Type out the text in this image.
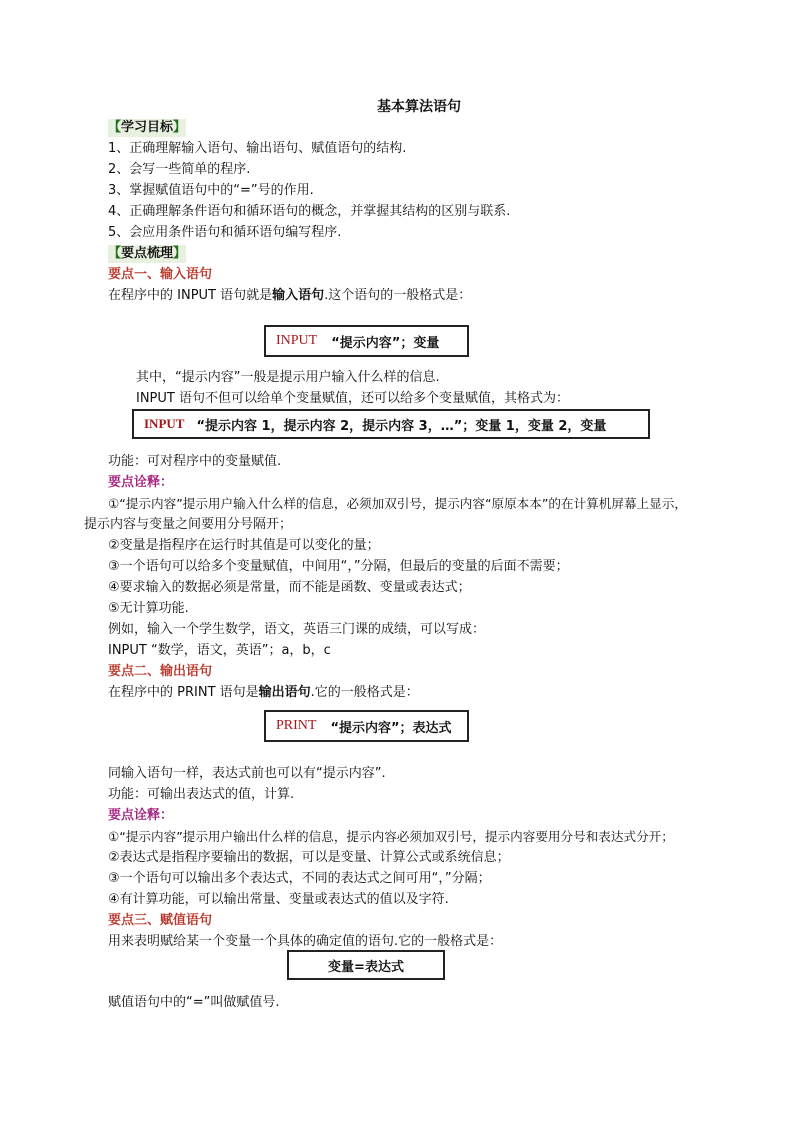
基本算法语句
【学习目标】
1、正确理解输入语句、输出语句、赋值语句的结构.
2、会写一些简单的程序.
3、掌握赋值语句中的“=”号的作用.
4、正确理解条件语句和循环语句的概念，并掌握其结构的区别与联系.
5、会应用条件语句和循环语句编写程序.
【要点梳理】
要点一、输入语句
在程序中的 INPUT 语句就是输入语句.这个语句的一般格式是：
INPUT “提示内容”；变量
其中，“提示内容”一般是提示用户输入什么样的信息.
INPUT 语句不但可以给单个变量赋值，还可以给多个变量赋值，其格式为：
INPUT “提示内容 1，提示内容 2，提示内容 3，…”；变量 1，变量 2，变量
功能：可对程序中的变量赋值.
要点诠释：
①“提示内容”提示用户输入什么样的信息，必须加双引号，提示内容“原原本本”的在计算机屏幕上显示，
提示内容与变量之间要用分号隔开；
②变量是指程序在运行时其值是可以变化的量；
③一个语句可以给多个变量赋值，中间用“，”分隔，但最后的变量的后面不需要；
④要求输入的数据必须是常量，而不能是函数、变量或表达式；
⑤无计算功能.
例如，输入一个学生数学，语文，英语三门课的成绩，可以写成：
INPUT “数学，语文，英语”；a，b，c
要点二、输出语句
在程序中的 PRINT 语句是输出语句.它的一般格式是：
PRINT “提示内容”；表达式
同输入语句一样，表达式前也可以有“提示内容”.
功能：可输出表达式的值，计算.
要点诠释：
①“提示内容”提示用户输出什么样的信息，提示内容必须加双引号，提示内容要用分号和表达式分开；
②表达式是指程序要输出的数据，可以是变量、计算公式或系统信息；
③一个语句可以输出多个表达式，不同的表达式之间可用“，”分隔；
④有计算功能，可以输出常量、变量或表达式的值以及字符.
要点三、赋值语句
用来表明赋给某一个变量一个具体的确定值的语句.它的一般格式是：
变量=表达式
赋值语句中的“=”叫做赋值号.
